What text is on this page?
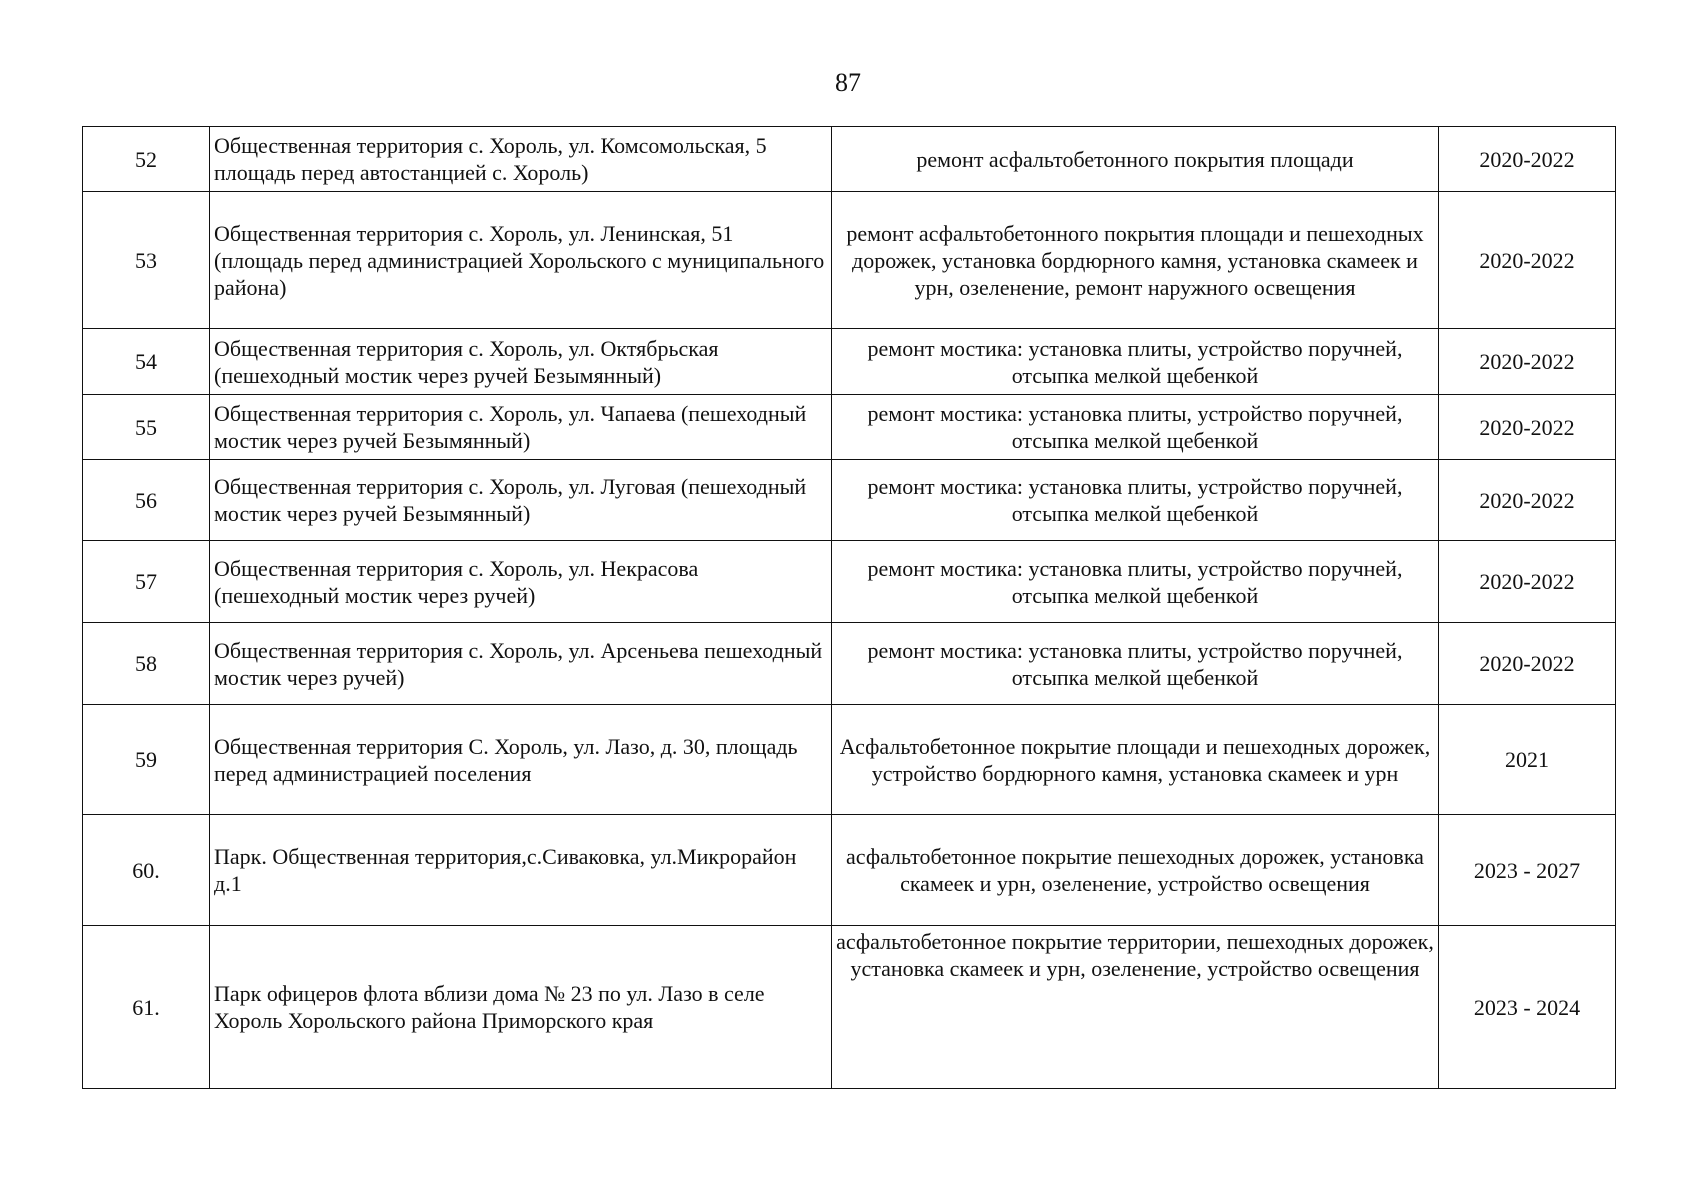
87
52	Общественная территория с. Хороль, ул. Комсомольская, 5 площадь перед автостанцией с. Хороль)	ремонт асфальтобетонного покрытия площади	2020-2022
53	Общественная территория с. Хороль, ул. Ленинская, 51 (площадь перед администрацией Хорольского с муниципального района)	ремонт асфальтобетонного покрытия площади и пешеходных дорожек, установка бордюрного камня, установка скамеек и урн, озеленение, ремонт наружного освещения	2020-2022
54	Общественная территория с. Хороль, ул. Октябрьская (пешеходный мостик через ручей Безымянный)	ремонт мостика: установка плиты, устройство поручней, отсыпка мелкой щебенкой	2020-2022
55	Общественная территория с. Хороль, ул. Чапаева (пешеходный мостик через ручей Безымянный)	ремонт мостика: установка плиты, устройство поручней, отсыпка мелкой щебенкой	2020-2022
56	Общественная территория с. Хороль, ул. Луговая (пешеходный мостик через ручей Безымянный)	ремонт мостика: установка плиты, устройство поручней, отсыпка мелкой щебенкой	2020-2022
57	Общественная территория с. Хороль, ул. Некрасова (пешеходный мостик через ручей)	ремонт мостика: установка плиты, устройство поручней, отсыпка мелкой щебенкой	2020-2022
58	Общественная территория с. Хороль, ул. Арсеньева пешеходный мостик через ручей)	ремонт мостика: установка плиты, устройство поручней, отсыпка мелкой щебенкой	2020-2022
59	Общественная территория С. Хороль, ул. Лазо, д. 30, площадь перед администрацией поселения	Асфальтобетонное покрытие площади и пешеходных дорожек, устройство бордюрного камня, установка скамеек и урн	2021
60.	Парк. Общественная территория,с.Сиваковка, ул.Микрорайон д.1	асфальтобетонное покрытие пешеходных дорожек, установка скамеек и урн, озеленение, устройство освещения	2023 - 2027
61.	Парк офицеров флота вблизи дома № 23 по ул. Лазо в селе Хороль Хорольского района Приморского края	асфальтобетонное покрытие территории, пешеходных дорожек, установка скамеек и урн, озеленение, устройство освещения	2023 - 2024
